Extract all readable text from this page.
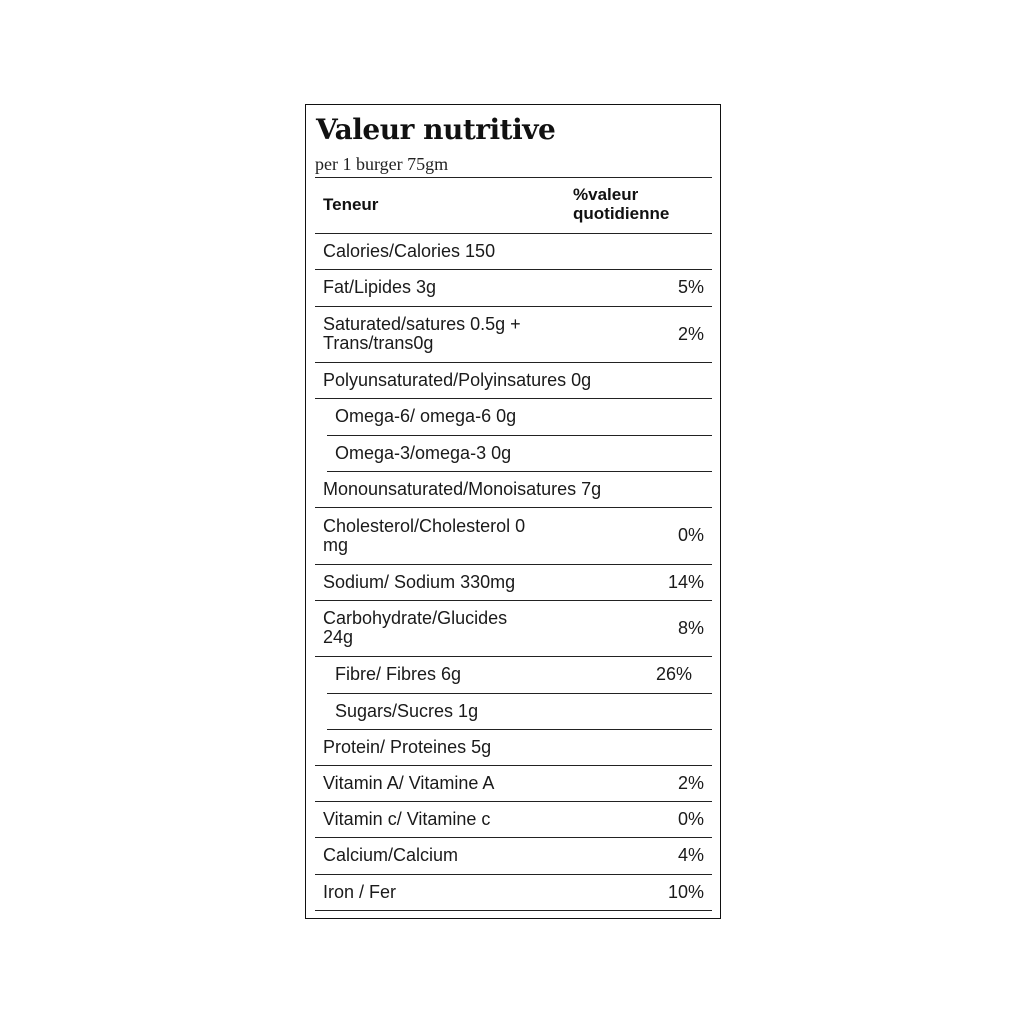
Valeur nutritive
per 1 burger 75gm
Teneur
%valeur
quotidienne
Calories/Calories 150
Fat/Lipides 3g	5%
Saturated/satures 0.5g +
Trans/trans0g	2%
Polyunsaturated/Polyinsatures 0g
Omega-6/ omega-6 0g
Omega-3/omega-3 0g
Monounsaturated/Monoisatures 7g
Cholesterol/Cholesterol 0
mg	0%
Sodium/ Sodium 330mg	14%
Carbohydrate/Glucides
24g	8%
Fibre/ Fibres 6g	26%
Sugars/Sucres 1g
Protein/ Proteines 5g
Vitamin A/ Vitamine A	2%
Vitamin c/ Vitamine c	0%
Calcium/Calcium	4%
Iron / Fer	10%
